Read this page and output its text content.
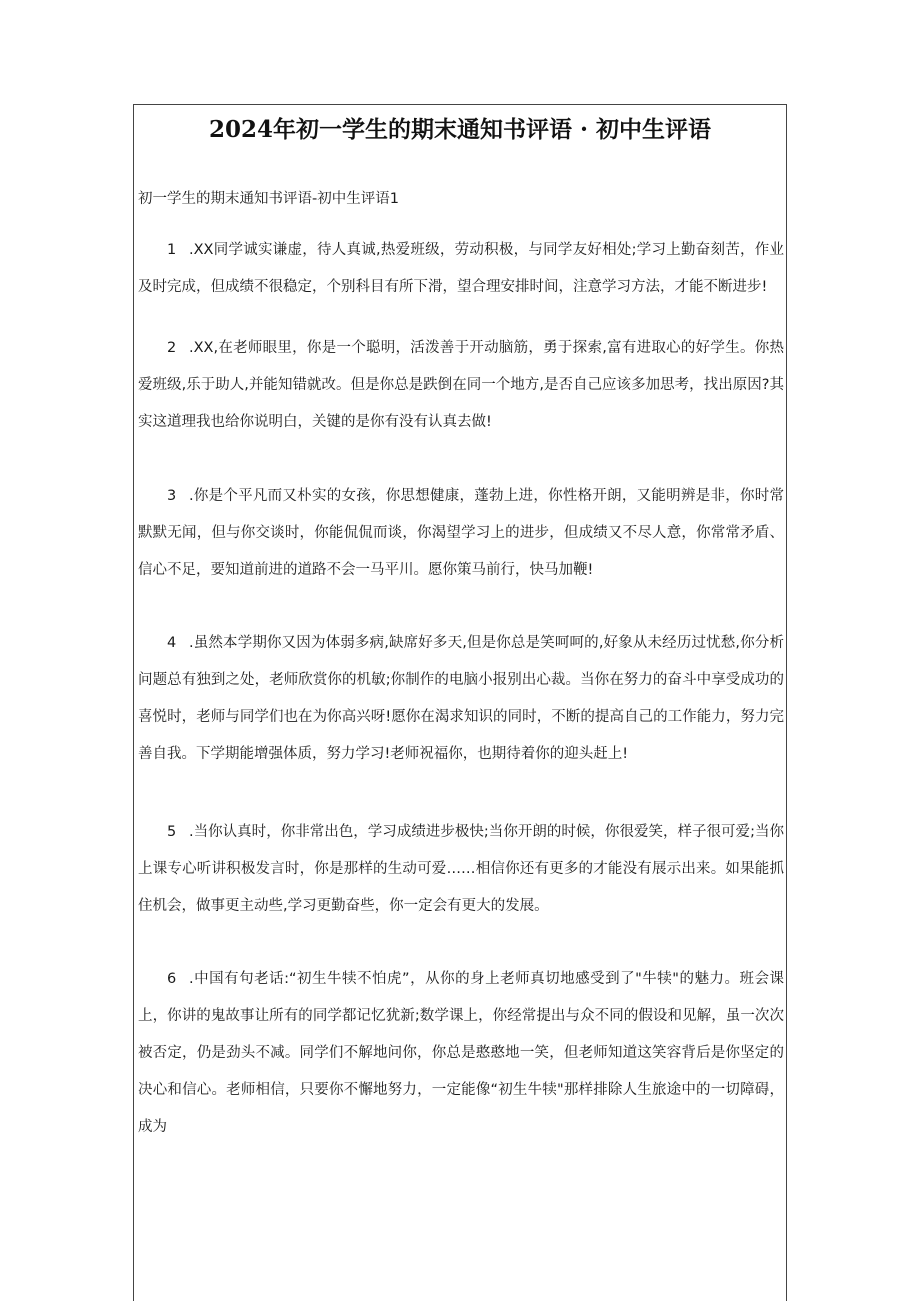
2024年初一学生的期末通知书评语 · 初中生评语

初一学生的期末通知书评语-初中生评语1

1 .XX同学诚实谦虚，待人真诚,热爱班级，劳动积极，与同学友好相处;学习上勤奋刻苦，作业及时完成，但成绩不很稳定，个别科目有所下滑，望合理安排时间，注意学习方法，才能不断进步!

2 .XX,在老师眼里，你是一个聪明，活泼善于开动脑筋，勇于探索,富有进取心的好学生。你热爱班级,乐于助人,并能知错就改。但是你总是跌倒在同一个地方,是否自己应该多加思考，找出原因?其实这道理我也给你说明白，关键的是你有没有认真去做!

3 .你是个平凡而又朴实的女孩，你思想健康，蓬勃上进，你性格开朗，又能明辨是非，你时常默默无闻，但与你交谈时，你能侃侃而谈，你渴望学习上的进步，但成绩又不尽人意，你常常矛盾、信心不足，要知道前进的道路不会一马平川。愿你策马前行，快马加鞭!

4 .虽然本学期你又因为体弱多病,缺席好多天,但是你总是笑呵呵的,好象从未经历过忧愁,你分析问题总有独到之处，老师欣赏你的机敏;你制作的电脑小报别出心裁。当你在努力的奋斗中享受成功的喜悦时，老师与同学们也在为你高兴呀!愿你在渴求知识的同时，不断的提高自己的工作能力，努力完善自我。下学期能增强体质，努力学习!老师祝福你，也期待着你的迎头赶上!

5 .当你认真时，你非常出色，学习成绩进步极快;当你开朗的时候，你很爱笑，样子很可爱;当你上课专心听讲积极发言时，你是那样的生动可爱……相信你还有更多的才能没有展示出来。如果能抓住机会，做事更主动些,学习更勤奋些，你一定会有更大的发展。

6 .中国有句老话:“初生牛犊不怕虎”，从你的身上老师真切地感受到了"牛犊"的魅力。班会课上，你讲的鬼故事让所有的同学都记忆犹新;数学课上，你经常提出与众不同的假设和见解，虽一次次被否定，仍是劲头不减。同学们不解地问你，你总是憨憨地一笑，但老师知道这笑容背后是你坚定的决心和信心。老师相信，只要你不懈地努力，一定能像“初生牛犊"那样排除人生旅途中的一切障碍，成为
